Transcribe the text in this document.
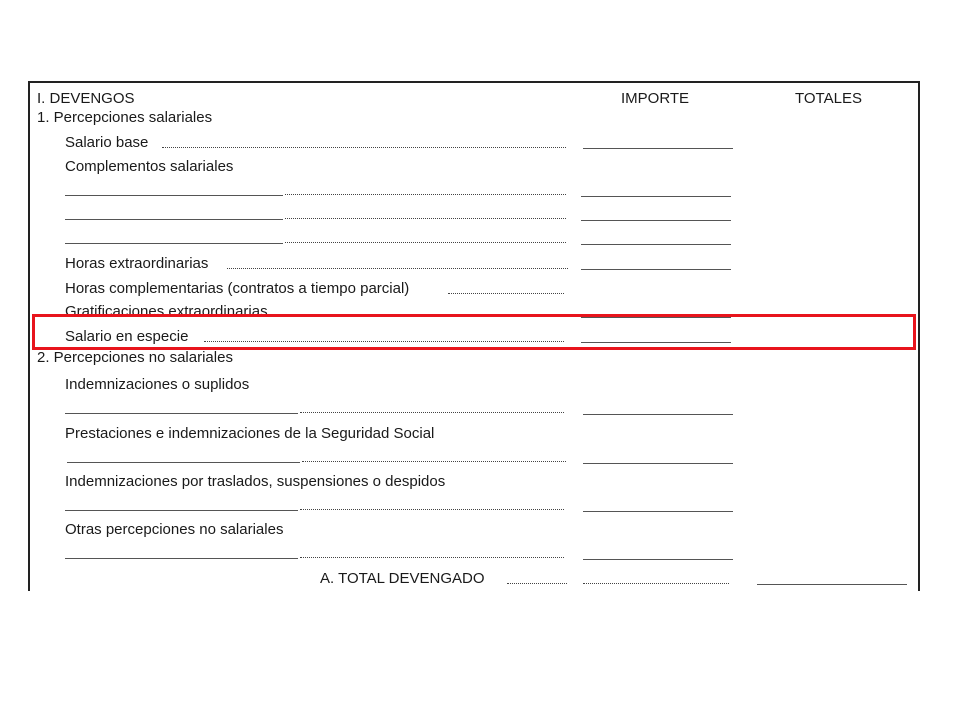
I. DEVENGOS	IMPORTE	TOTALES
1. Percepciones salariales
Salario base
Complementos salariales
Horas extraordinarias
Horas complementarias (contratos a tiempo parcial)
Gratificaciones extraordinarias
Salario en especie
2. Percepciones no salariales
Indemnizaciones o suplidos
Prestaciones e indemnizaciones de la Seguridad Social
Indemnizaciones por traslados, suspensiones o despidos
Otras percepciones no salariales
A. TOTAL DEVENGADO
